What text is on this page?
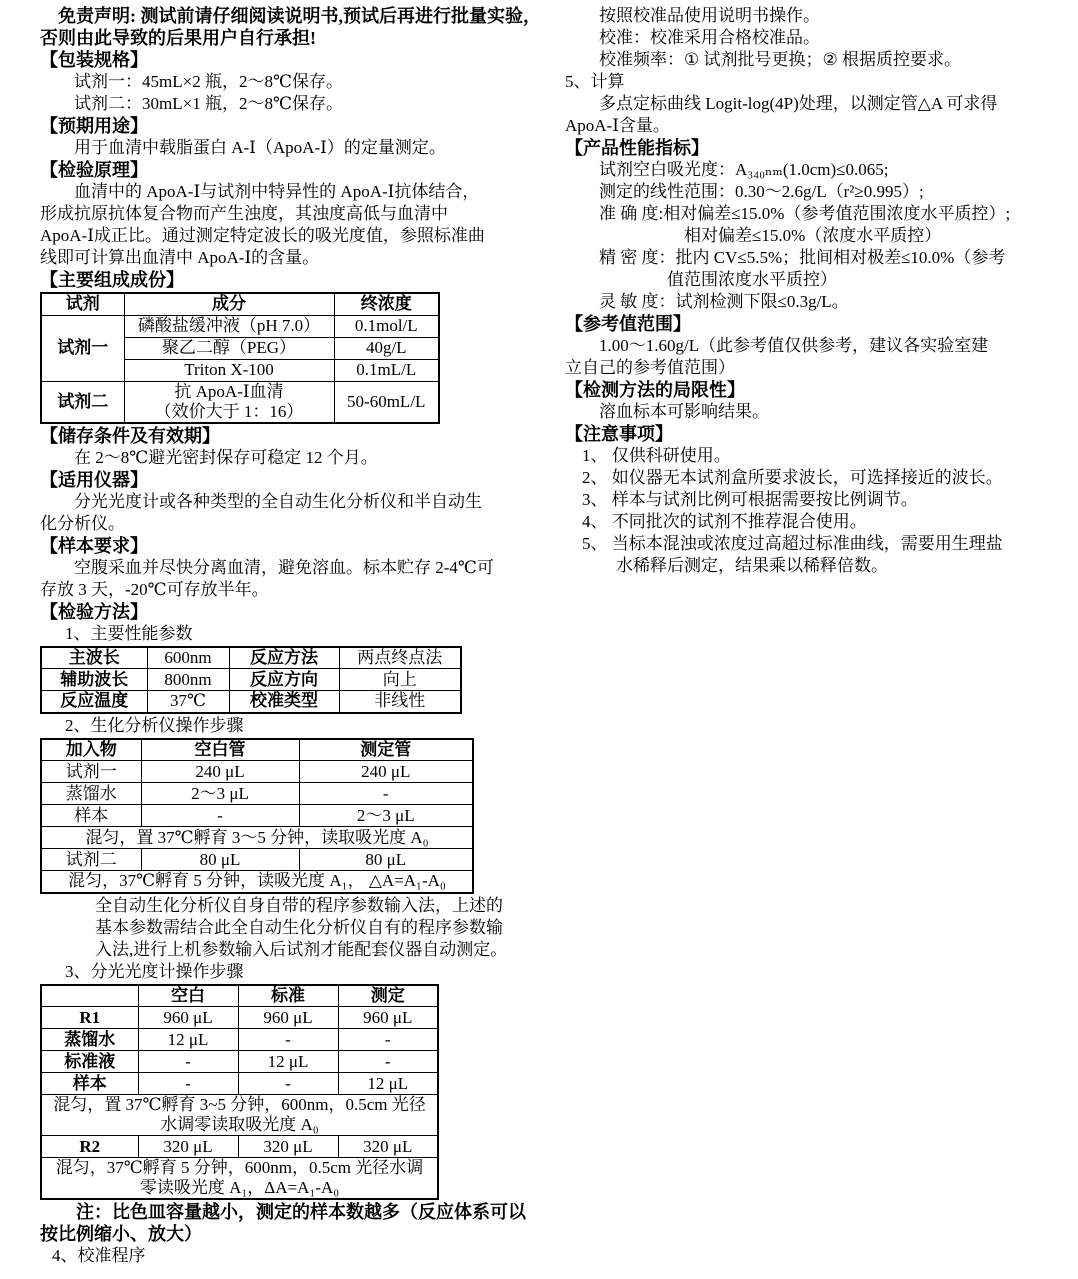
　免责声明: 测试前请仔细阅读说明书,预试后再进行批量实验，
否则由此导致的后果用户自行承担!
【包装规格】
　　试剂一：45mL×2 瓶，2～8℃保存。
　　试剂二：30mL×1 瓶，2～8℃保存。
【预期用途】
　　用于血清中载脂蛋白 A-Ⅰ（ApoA-Ⅰ）的定量测定。
【检验原理】
　　血清中的 ApoA-Ⅰ与试剂中特异性的 ApoA-Ⅰ抗体结合，
形成抗原抗体复合物而产生浊度，其浊度高低与血清中
ApoA-Ⅰ成正比。通过测定特定波长的吸光度值，参照标准曲
线即可计算出血清中 ApoA-Ⅰ的含量。
【主要组成成份】
试剂	成分	终浓度
试剂一	磷酸盐缓冲液（pH 7.0）	0.1mol/L
	聚乙二醇（PEG）	40g/L
	Triton X-100	0.1mL/L
试剂二	抗 ApoA-Ⅰ血清
（效价大于 1：16）	50-60mL/L
【储存条件及有效期】
　　在 2～8℃避光密封保存可稳定 12 个月。
【适用仪器】
　　分光光度计或各种类型的全自动生化分析仪和半自动生
化分析仪。
【样本要求】
　　空腹采血并尽快分离血清，避免溶血。标本贮存 2-4℃可
存放 3 天，-20℃可存放半年。
【检验方法】
1、主要性能参数
主波长	600nm	反应方法	两点终点法
辅助波长	800nm	反应方向	向上
反应温度	37℃	校准类型	非线性
2、生化分析仪操作步骤
加入物	空白管	测定管
试剂一	240 μL	240 μL
蒸馏水	2～3 μL	-
样本	-	2～3 μL
混匀，置 37℃孵育 3～5 分钟，读取吸光度 A₀		
试剂二	80 μL	80 μL
混匀，37℃孵育 5 分钟，读吸光度 A₁， △A=A₁-A₀		
全自动生化分析仪自身自带的程序参数输入法，上述的
基本参数需结合此全自动生化分析仪自有的程序参数输
入法,进行上机参数输入后试剂才能配套仪器自动测定。
3、分光光度计操作步骤
	空白	标准	测定
R1	960 μL	960 μL	960 μL
蒸馏水	12 μL	-	-
标准液	-	12 μL	-
样本	-	-	12 μL

混匀，置 37℃孵育 3~5 分钟，600nm，0.5cm 光径
水调零读取吸光度 A₀			

R2	320 μL	320 μL	320 μL

混匀，37℃孵育 5 分钟，600nm，0.5cm 光径水调
零读吸光度 A₁，ΔA=A₁-A₀			
　　注：比色皿容量越小，测定的样本数越多（反应体系可以
按比例缩小、放大）
4、校准程序
　　按照校准品使用说明书操作。
　　校准：校准采用合格校准品。
　　校准频率：① 试剂批号更换；② 根据质控要求。
5、计算
　　多点定标曲线 Logit-log(4P)处理，以测定管△A 可求得
ApoA-Ⅰ含量。
【产品性能指标】
　　试剂空白吸光度：A₃₄₀ₙₘ(1.0cm)≤0.065;
　　测定的线性范围：0.30～2.6g/L（r²≥0.995）;
　　准 确 度:相对偏差≤15.0%（参考值范围浓度水平质控）;
　　　　　　　相对偏差≤15.0%（浓度水平质控）
　　精 密 度：批内 CV≤5.5%；批间相对极差≤10.0%（参考
　　　　　　值范围浓度水平质控）
　　灵 敏 度：试剂检测下限≤0.3g/L。
【参考值范围】
　　1.00～1.60g/L（此参考值仅供参考，建议各实验室建
立自己的参考值范围）
【检测方法的局限性】
　　溶血标本可影响结果。
【注意事项】
　1、 仅供科研使用。
　2、 如仪器无本试剂盒所要求波长，可选择接近的波长。
　3、 样本与试剂比例可根据需要按比例调节。
　4、 不同批次的试剂不推荐混合使用。
　5、 当标本混浊或浓度过高超过标准曲线，需要用生理盐
　　　水稀释后测定，结果乘以稀释倍数。
